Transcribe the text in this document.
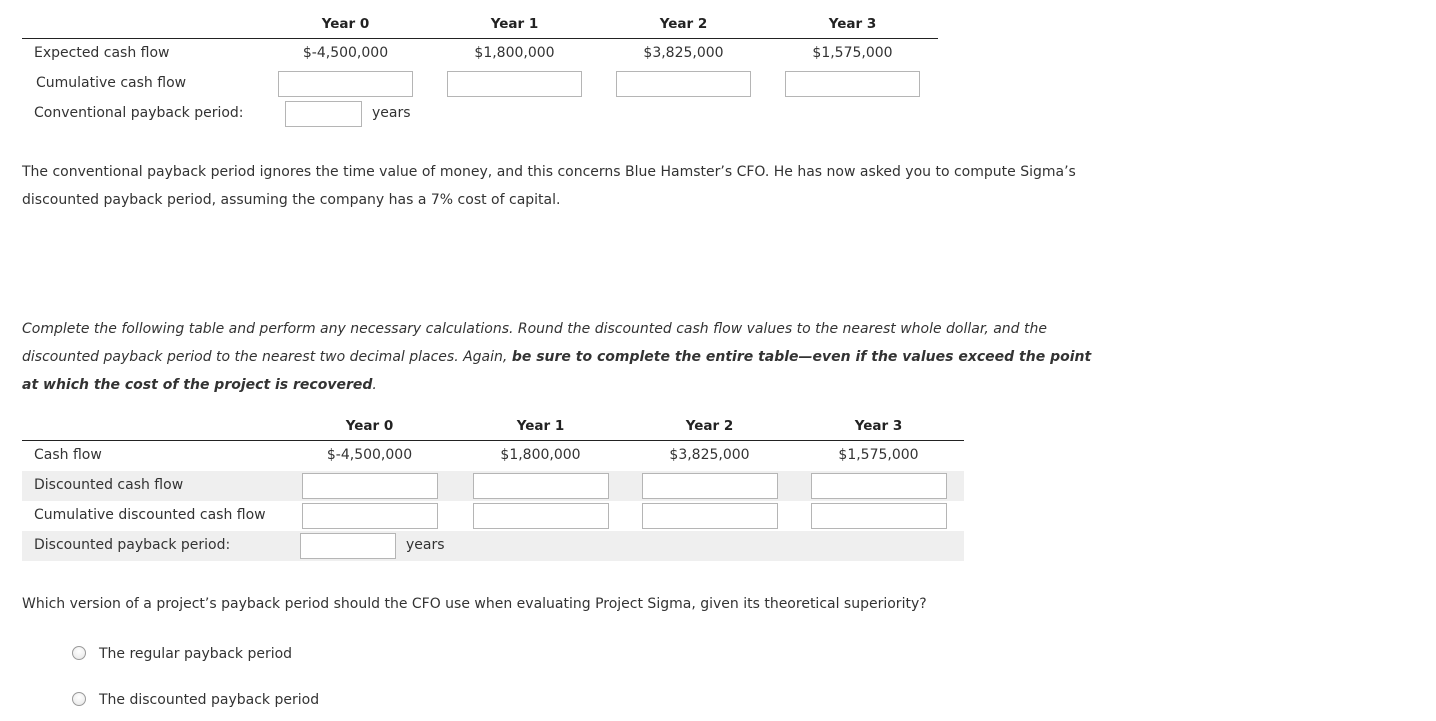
Year 0	Year 1	Year 2	Year 3
Expected cash flow	$-4,500,000	$1,800,000	$3,825,000	$1,575,000
Cumulative cash flow
Conventional payback period:	years
The conventional payback period ignores the time value of money, and this concerns Blue Hamster’s CFO. He has now asked you to compute Sigma’s
discounted payback period, assuming the company has a 7% cost of capital.
Complete the following table and perform any necessary calculations. Round the discounted cash flow values to the nearest whole dollar, and the
discounted payback period to the nearest two decimal places. Again, be sure to complete the entire table—even if the values exceed the point
at which the cost of the project is recovered.
Year 0	Year 1	Year 2	Year 3
Cash flow	$-4,500,000	$1,800,000	$3,825,000	$1,575,000
Discounted cash flow
Cumulative discounted cash flow
Discounted payback period:	years
Which version of a project’s payback period should the CFO use when evaluating Project Sigma, given its theoretical superiority?
The regular payback period
The discounted payback period
